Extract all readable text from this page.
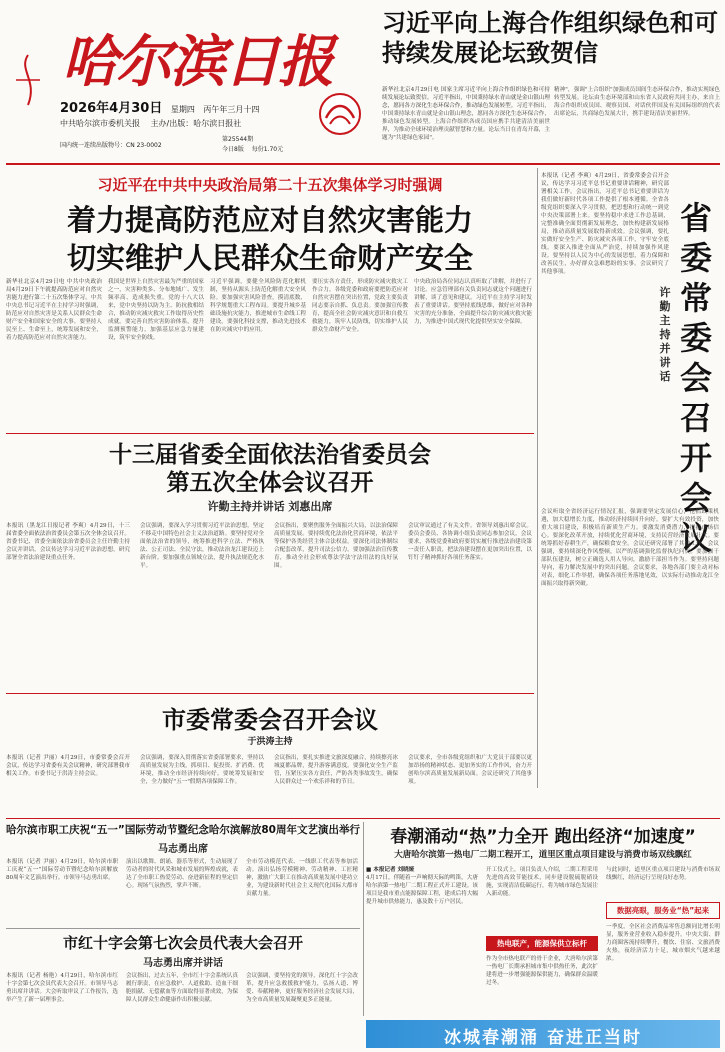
哈尔滨日报
2026年4月30日 星期四 丙午年三月十四
中共哈尔滨市委机关报 主办/出版：哈尔滨日报社
国内统一连续出版物号：CN 23-0002
第25544期
今日8版 每份1.70元
习近平向上海合作组织绿色和可持续发展论坛致贺信
新华社北京4月29日电 国家主席习近平向上海合作组织绿色和可持续发展论坛致贺信。习近平指出，中国秉持绿水青山就是金山银山理念，愿同各方深化生态环保合作，推动绿色发展转型。习近平指出，中国秉持绿水青山就是金山银山理念，愿同各方深化生态环保合作，推动绿色发展转型。上海合作组织各成员国应携手共建清洁美丽世界，为推动全球环境治理贡献智慧和力量。论坛当日在青岛开幕，主题为"共建绿色家园"。
精神"，强调"上合组织"加强成员国间生态环保合作，推动实现绿色转型发展。论坛由生态环境部和山东省人民政府共同主办，来自上海合作组织成员国、观察员国、对话伙伴国及有关国际组织的代表出席论坛，共商绿色发展大计，携手建设清洁美丽世界。
习近平在中共中央政治局第二十五次集体学习时强调
着力提高防范应对自然灾害能力
切实维护人民群众生命财产安全
新华社北京4月29日电 中共中央政治局4月29日下午就提高防范应对自然灾害能力进行第二十五次集体学习。中共中央总书记习近平在主持学习时强调，防范应对自然灾害是关系人民群众生命财产安全和国家安全的大事。要坚持人民至上、生命至上，统筹发展和安全，着力提高防范应对自然灾害能力。
我国是世界上自然灾害最为严重的国家之一，灾害种类多、分布地域广、发生频率高、造成损失重。党的十八大以来，党中央坚持以防为主、防抗救相结合，推动防灾减灾救灾工作取得历史性成就。要完善自然灾害防治体系，提升监测预警能力，加强基层应急力量建设，筑牢安全防线。
习近平强调，要健全风险防范化解机制，坚持从源头上防范化解重大安全风险。要加强灾害风险普查，摸清底数，科学规划重大工程布局。要提升城乡基础设施抗灾能力，推进城市生命线工程建设。要强化科技支撑，推动先进技术在防灾减灾中的应用。
要压实各方责任，形成防灾减灾救灾工作合力。各级党委和政府要把防范应对自然灾害摆在突出位置，党政主要负责同志要亲自抓、负总责。要加强宣传教育，提高全社会防灾减灾意识和自救互救能力，筑牢人民防线，切实维护人民群众生命财产安全。
中央政治局各位同志认真听取了讲解，并进行了讨论。应急管理部有关负责同志就这个问题进行讲解，谈了意见和建议。习近平在主持学习时发表了重要讲话。要坚持底线思维，做好应对各种灾害的充分准备，全面提升综合防灾减灾救灾能力，为推进中国式现代化提供坚实安全保障。
本报讯（记者 李爽）4月29日，省委常委会召开会议，传达学习习近平总书记重要讲话精神，研究部署相关工作。会议指出，习近平总书记重要讲话为我们做好新时代各项工作提供了根本遵循。全省各级党组织要深入学习贯彻，把思想和行动统一到党中央决策部署上来。要坚持稳中求进工作总基调，完整准确全面贯彻新发展理念，加快构建新发展格局，推动高质量发展取得新成效。会议强调，要扎实做好安全生产、防灾减灾各项工作，守牢安全底线。要深入推进全面从严治党，持续加强作风建设。要坚持以人民为中心的发展思想，着力保障和改善民生，办好群众急难愁盼的实事。会议研究了其他事项。
省委常委会召开会议
许勤主持并讲话
会议听取全省经济运行情况汇报，强调要坚定发展信心，抢抓政策机遇，加大稳增长力度，推动经济持续回升向好。要扩大有效投资，加快重大项目建设，积极培育新质生产力。要激发消费潜力，提振市场信心。要深化改革开放，持续优化营商环境，支持民营经济发展壮大。要统筹抓好春耕生产，确保粮食安全。会议还研究部署了其他工作。会议强调，要持续深化作风整顿，以严的基调强化监督执纪问责。要加强干部队伍建设，树立正确选人用人导向，激励干部担当作为。要坚持问题导向，着力解决发展中的突出问题。会议要求，各地各部门要主动对标对表，细化工作举措，确保各项任务落地见效，以实际行动推动龙江全面振兴取得新突破。
十三届省委全面依法治省委员会
第五次全体会议召开
许勤主持并讲话 刘惠出席
本报讯（黑龙江日报记者 李爽）4月29日，十三届省委全面依法治省委员会第五次全体会议召开。省委书记、省委全面依法治省委员会主任许勤主持会议并讲话。会议传达学习习近平法治思想，研究部署全省法治建设重点任务。
会议强调，要深入学习贯彻习近平法治思想，坚定不移走中国特色社会主义法治道路。要坚持党对全面依法治省的领导，统筹推进科学立法、严格执法、公正司法、全民守法，推动法治龙江建设迈上新台阶。要加强重点领域立法，提升执法规范化水平。
会议指出，要聚焦服务全面振兴大局，以法治保障高质量发展。要持续优化法治化营商环境，依法平等保护各类经营主体合法权益。要深化司法体制综合配套改革，提升司法公信力。要加强法治宣传教育，推动全社会形成尊法学法守法用法的良好氛围。
会议审议通过了有关文件。省领导刘惠出席会议。委员会委员、各协调小组负责同志参加会议。会议要求，各级党委和政府要切实履行推进法治建设第一责任人职责，把法治建设摆在更加突出位置，以钉钉子精神抓好各项任务落实。
市委常委会召开会议
于洪涛主持
本报讯（记者 尹丽）4月29日，市委常委会召开会议，传达学习省委有关会议精神，研究部署我市相关工作。市委书记于洪涛主持会议。
会议强调，要深入贯彻落实省委部署要求，坚持以高质量发展为主线，抓项目、促投资、扩消费、优环境，推动全市经济持续向好。要统筹发展和安全，全力做好"五一"假期各项保障工作。
会议指出，要扎实推进文旅深度融合，持续擦亮冰城夏都品牌，提升游客满意度。要强化安全生产监管，压紧压实各方责任，严防各类事故发生，确保人民群众过一个欢乐祥和的节日。
会议要求，全市各级党组织和广大党员干部要以更加昂扬的精神状态、更加务实的工作作风，奋力开创哈尔滨高质量发展新局面。会议还研究了其他事项。
哈尔滨市职工庆祝“五一”国际劳动节暨纪念哈尔滨解放80周年文艺演出举行
马志勇出席
本报讯（记者 尹丽）4月29日，哈尔滨市职工庆祝“五一”国际劳动节暨纪念哈尔滨解放80周年文艺演出举行。市领导马志勇出席。
演出以歌舞、朗诵、器乐等形式，生动展现了劳动者的时代风采和城市发展的辉煌成就，表达了全市职工热爱劳动、奋进新征程的坚定信心。现场气氛热烈，掌声不断。
全市劳动模范代表、一线职工代表等参加活动。演出弘扬劳模精神、劳动精神、工匠精神，激励广大职工在推动高质量发展中建功立业，为建设新时代社会主义现代化国际大都市贡献力量。
市红十字会第七次会员代表大会召开
马志勇出席并讲话
本报讯（记者 杨艳）4月29日，哈尔滨市红十字会第七次会员代表大会召开。市领导马志勇出席并讲话。大会听取审议了工作报告，选举产生了新一届理事会。
会议指出，过去五年，全市红十字会系统认真履行职责，在应急救护、人道救助、造血干细胞捐献、无偿献血等方面取得显著成效，为保障人民群众生命健康作出积极贡献。
会议强调，要坚持党的领导，深化红十字会改革，提升应急救援救护能力，弘扬人道、博爱、奉献精神，更好服务经济社会发展大局，为全市高质量发展凝聚更多正能量。
春潮涌动“热”力全开 跑出经济“加速度”
大唐哈尔滨第一热电厂二期工程开工，道里区重点项目建设与消费市场双线飘红
■ 本报记者 刘晓娅
4月17日，伴随着一声响彻天际的鸣笛，大唐哈尔滨第一热电厂二期工程正式开工建设。该项目是我市重点能源保障工程，建成后将大幅提升城市供热能力，惠及数十万户居民。
开工仪式上，项目负责人介绍，二期工程采用先进的高效节能技术，同步建设脱硫脱硝设施，实现清洁低碳运行，将为城市绿色发展注入新动能。
热电联产，能源保供立标杆
作为全市热电联产的骨干企业，大唐哈尔滨第一热电厂长期承担城市集中供热任务，此次扩建将进一步增强能源保供能力，确保群众温暖过冬。
与此同时，道里区重点项目建设与消费市场双线飘红，经济运行呈现良好态势。
数据亮眼，服务业“热”起来
一季度，全区社会消费品零售总额同比增长明显，服务业营业收入稳步提升。中央大街、群力商圈客流持续攀升，餐饮、住宿、文旅消费火热，夜经济活力十足，城市烟火气越来越浓。
冰城春潮涌 奋进正当时
